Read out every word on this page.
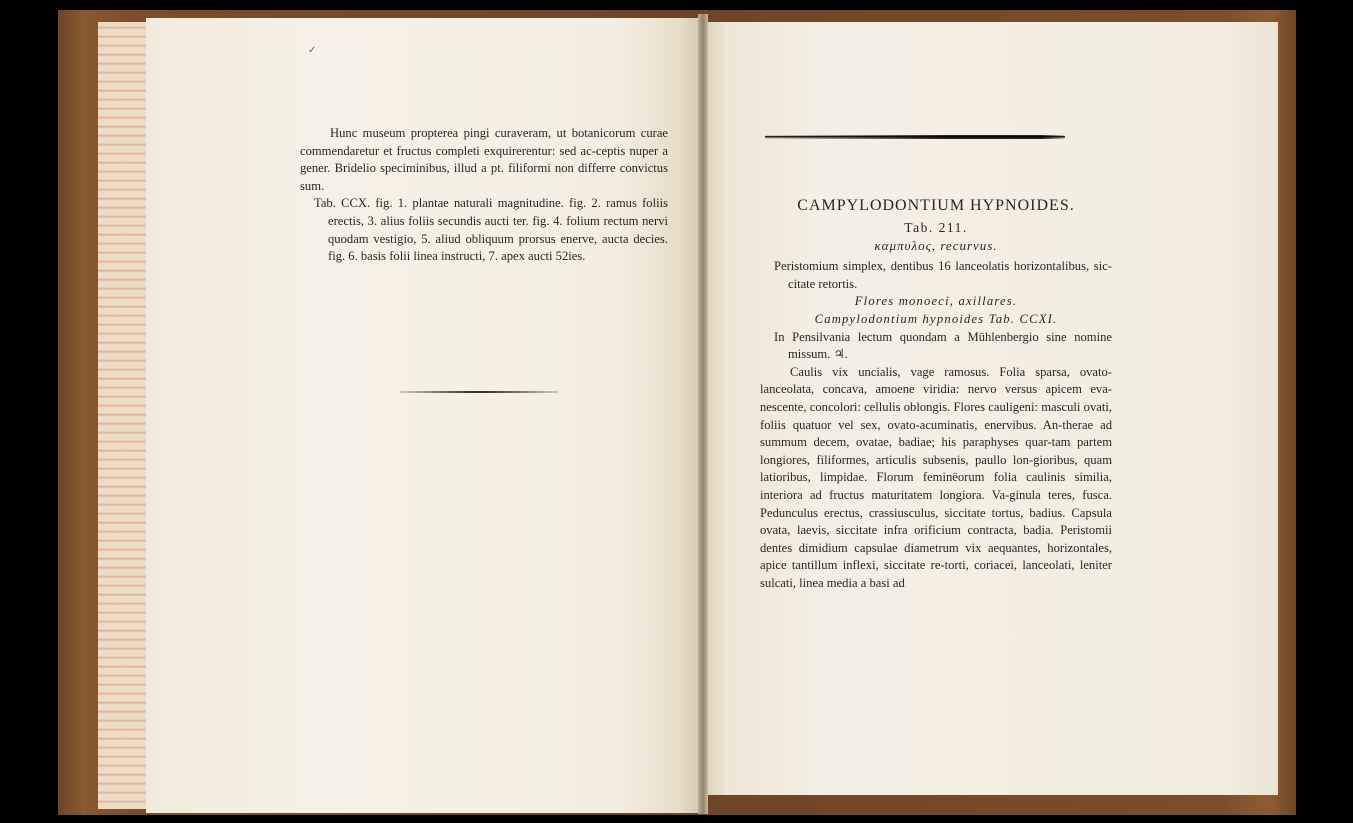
✓

Hunc museum propterea pingi curaveram, ut botanicorum curae commendaretur et fructus completi exquirerentur: sed ac-ceptis nuper a gener. Bridelio speciminibus, illud a pt. filiformi non differre convictus sum.

Tab. CCX. fig. 1. plantae naturali magnitudine. fig. 2. ramus foliis erectis, 3. alius foliis secundis aucti ter. fig. 4. folium rectum nervi quodam vestigio, 5. aliud obliquum prorsus enerve, aucta decies. fig. 6. basis folii linea instructi, 7. apex aucti 52ies.

CAMPYLODONTIUM HYPNOIDES.

Tab. 211.

καμπυλος, recurvus.

Peristomium simplex, dentibus 16 lanceolatis horizontalibus, sic-citate retortis.

Flores monoeci, axillares.

Campylodontium hypnoides Tab. CCXI.

In Pensilvania lectum quondam a Mühlenbergio sine nomine missum. ♃.

Caulis vix uncialis, vage ramosus. Folia sparsa, ovato-lanceolata, concava, amoene viridia: nervo versus apicem eva-nescente, concolori: cellulis oblongis. Flores cauligeni: masculi ovati, foliis quatuor vel sex, ovato-acuminatis, enervibus. An-therae ad summum decem, ovatae, badiae; his paraphyses quar-tam partem longiores, filiformes, articulis subsenis, paullo lon-gioribus, quam latioribus, limpidae. Florum feminëorum folia caulinis similia, interiora ad fructus maturitatem longiora. Va-ginula teres, fusca. Pedunculus erectus, crassiusculus, siccitate tortus, badius. Capsula ovata, laevis, siccitate infra orificium contracta, badia. Peristomii dentes dimidium capsulae diametrum vix aequantes, horizontales, apice tantillum inflexi, siccitate re-torti, coriacei, lanceolati, leniter sulcati, linea media a basi ad
